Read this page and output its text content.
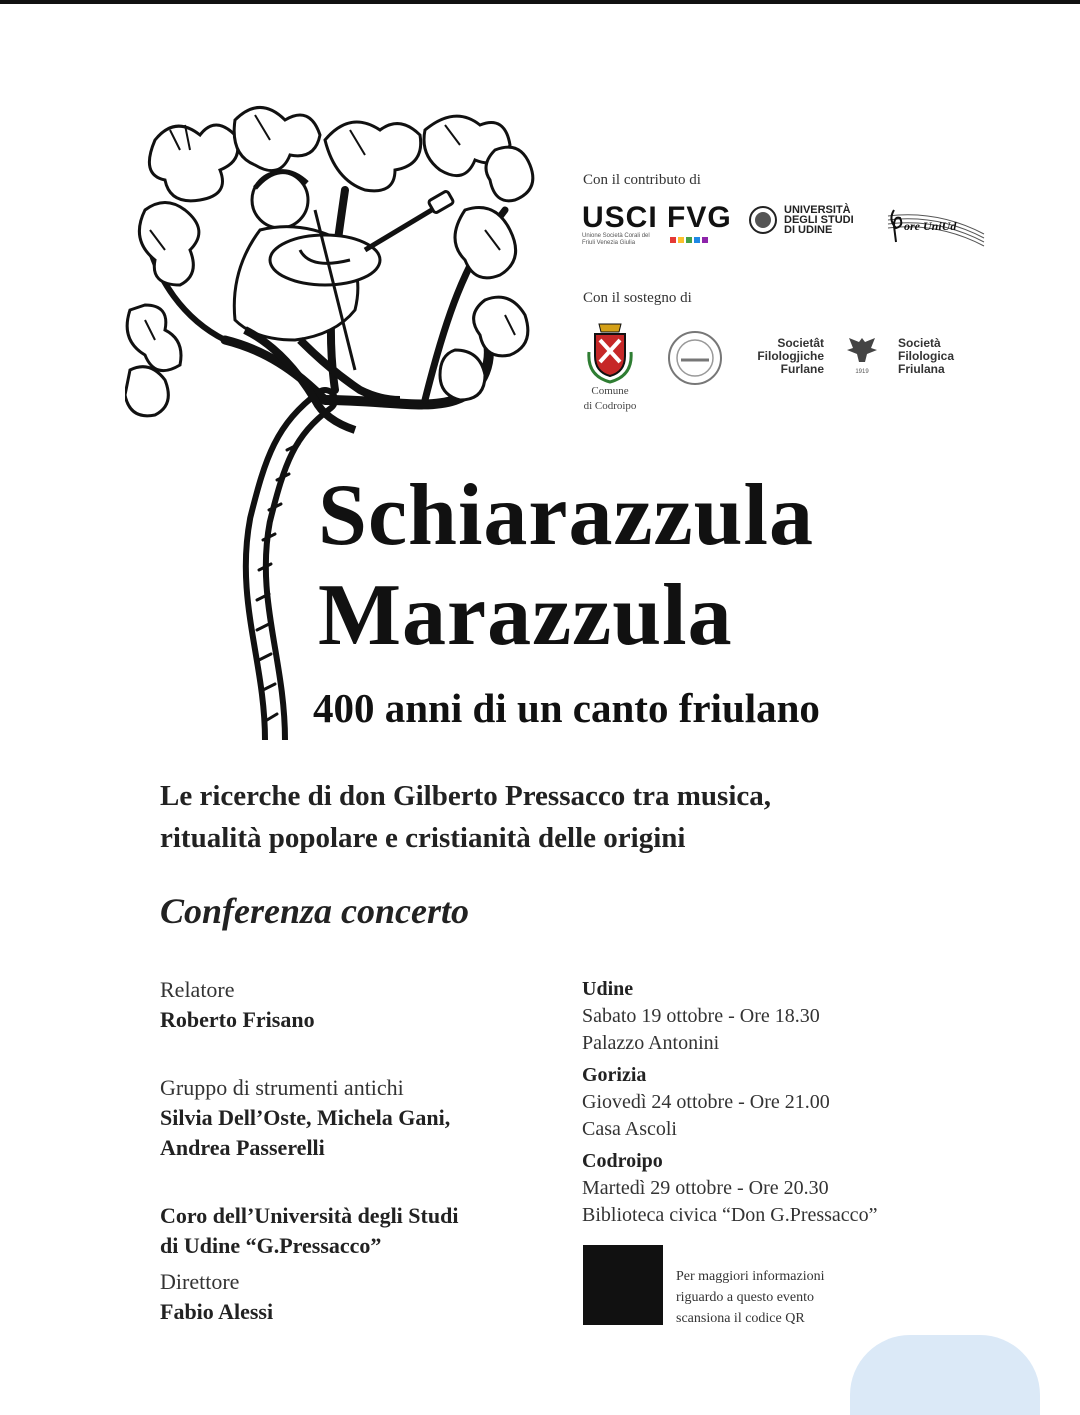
Con il contributo di
USCI FVG
Unione Società Corali del Friuli Venezia Giulia
UNIVERSITÀ
DEGLI STUDI
DI UDINE	ore UniUd
Con il sostegno di
Comune
di Codroipo
Societât
Filologjiche
Furlane	1919
Società
Filologica
Friulana
Schiarazzula
Marazzula
400 anni di un canto friulano

Le ricerche di don Gilberto Pressacco tra musica,
ritualità popolare e cristianità delle origini

Conferenza concerto
Relatore
Roberto Frisano
Gruppo di strumenti antichi
Silvia Dell’Oste, Michela Gani,
Andrea Passerelli
Coro dell’Università degli Studi
di Udine “G.Pressacco”
Direttore
Fabio Alessi
Udine
Sabato 19 ottobre - Ore 18.30
Palazzo Antonini
Gorizia
Giovedì 24 ottobre - Ore 21.00
Casa Ascoli
Codroipo
Martedì 29 ottobre - Ore 20.30
Biblioteca civica “Don G.Pressacco”
Per maggiori informazioni
riguardo a questo evento
scansiona il codice QR
